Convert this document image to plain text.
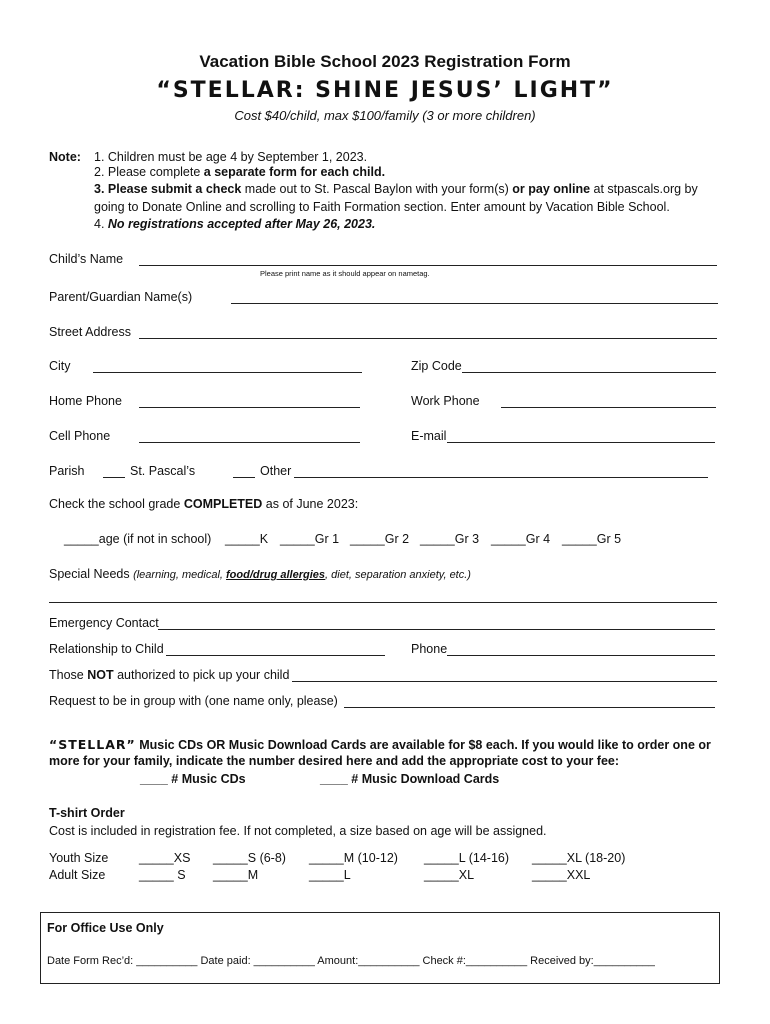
Vacation Bible School 2023 Registration Form
“STELLAR: SHINE JESUS’ LIGHT”
Cost $40/child, max $100/family (3 or more children)
Note: 1. Children must be age 4 by September 1, 2023.
2. Please complete a separate form for each child.
3. Please submit a check made out to St. Pascal Baylon with your form(s) or pay online at stpascals.org by
going to Donate Online and scrolling to Faith Formation section. Enter amount by Vacation Bible School.
4. No registrations accepted after May 26, 2023.
Child’s Name
Please print name as it should appear on nametag.
Parent/Guardian Name(s)
Street Address
City	Zip Code
Home Phone	Work Phone
Cell Phone	E-mail
Parish	St. Pascal’s	Other
Check the school grade COMPLETED as of June 2023:
_____age (if not in school) _____K _____Gr 1 _____Gr 2 _____Gr 3 _____Gr 4 _____Gr 5
Special Needs (learning, medical, food/drug allergies, diet, separation anxiety, etc.)
Emergency Contact
Relationship to Child	Phone
Those NOT authorized to pick up your child
Request to be in group with (one name only, please)
“STELLAR” Music CDs OR Music Download Cards are available for $8 each. If you would like to order one or
more for your family, indicate the number desired here and add the appropriate cost to your fee:
____ # Music CDs	____ # Music Download Cards
T-shirt Order
Cost is included in registration fee. If not completed, a size based on age will be assigned.
Youth Size _____XS _____S (6-8) _____M (10-12) _____L (14-16) _____XL (18-20)
Adult Size	_____ S _____M	_____L	_____XL	_____XXL
For Office Use Only
Date Form Rec’d: __________ Date paid: __________ Amount:__________ Check #:__________ Received by:__________
